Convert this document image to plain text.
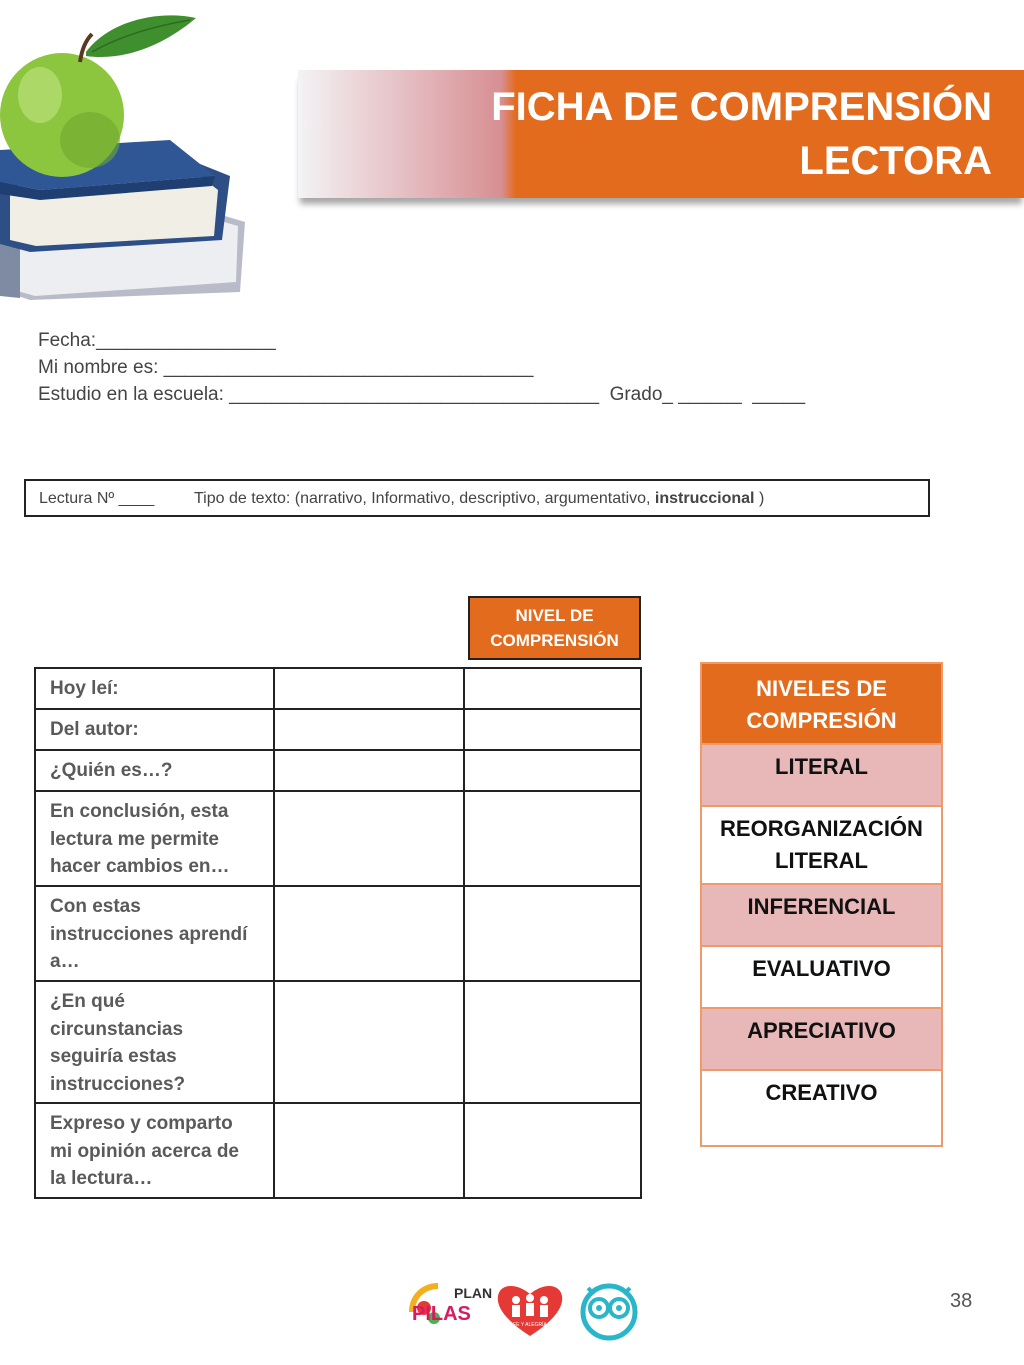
FICHA DE COMPRENSIÓN
LECTORA
Fecha:_________________
Mi nombre es: ___________________________________
Estudio en la escuela: ___________________________________  Grado_ ______  _____
Lectura Nº ____ Tipo de texto: (narrativo, Informativo, descriptivo, argumentativo, instruccional )
NIVEL DE
COMPRENSIÓN
Hoy leí:		
Del autor:		
¿Quién es…?		
En conclusión, esta lectura me permite hacer cambios en…		
Con estas instrucciones aprendí a…		
¿En qué circunstancias seguiría estas instrucciones?		
Expreso y comparto mi opinión acerca de la lectura…		
NIVELES DE COMPRESIÓN
LITERAL
REORGANIZACIÓN LITERAL
INFERENCIAL
EVALUATIVO
APRECIATIVO
CREATIVO
PLAN
PILAS	FE Y ALEGRÍA
38
